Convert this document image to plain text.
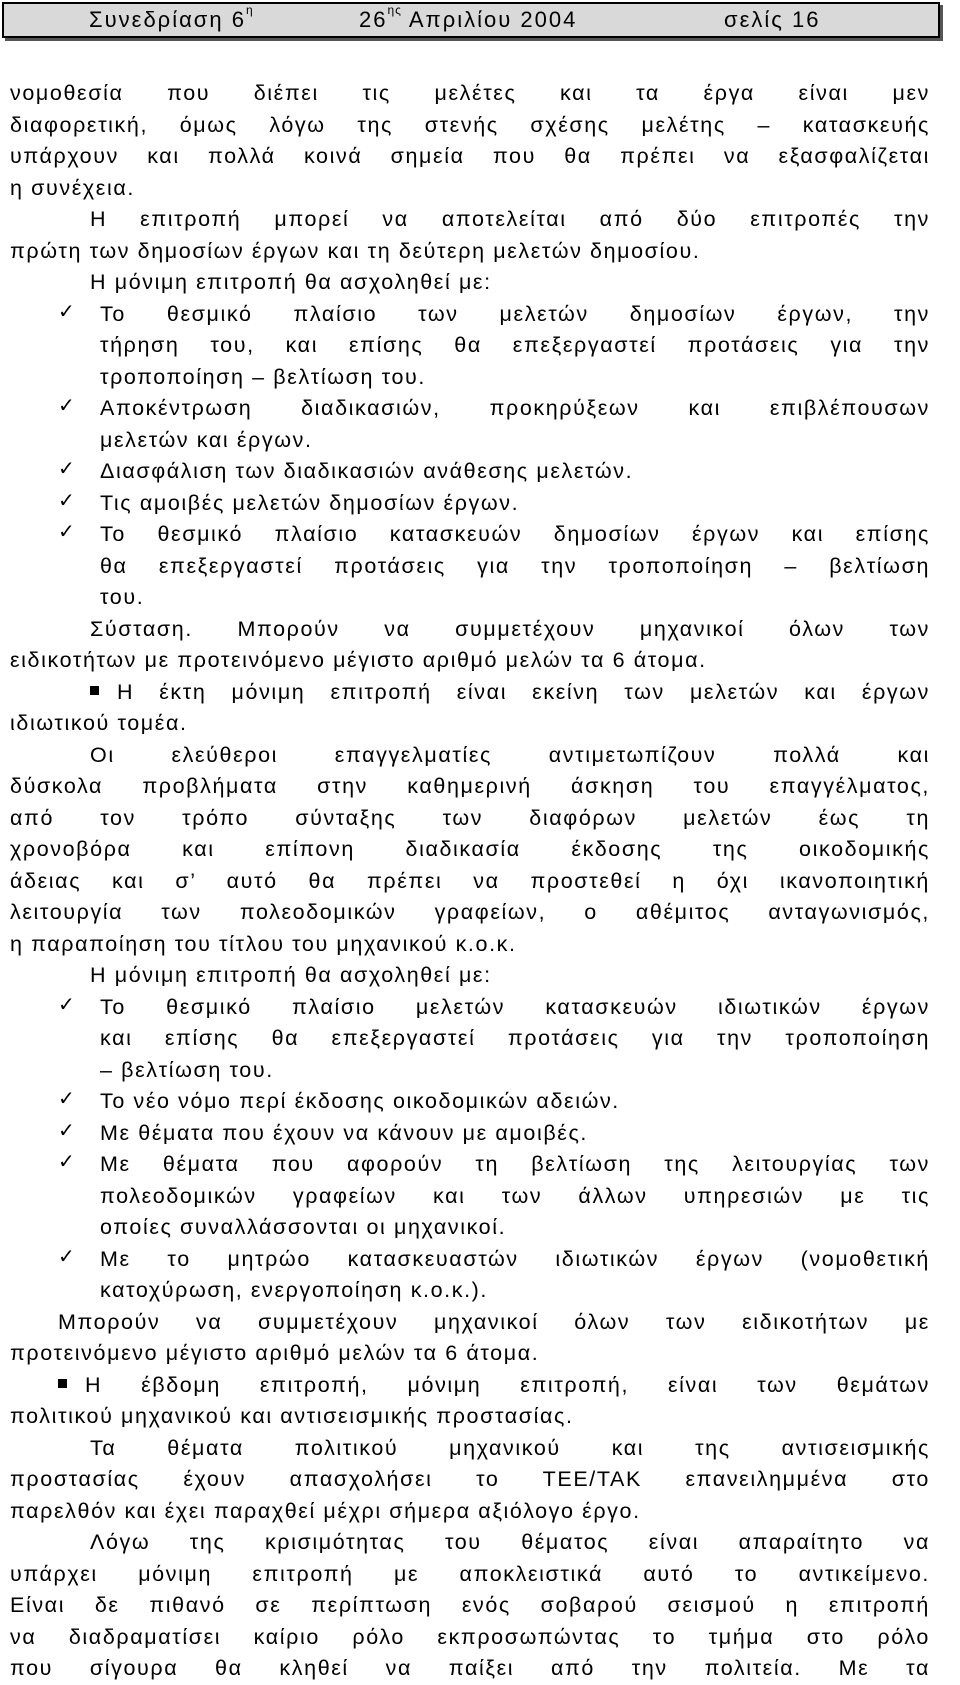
Συνεδρίαση $6^\eta$	$26^{\eta\varsigma}$ Απριλίου 2004	σελίς 16
νομοθεσία που διέπει τις μελέτες και τα έργα είναι μεν
διαφορετική, όμως λόγω της στενής σχέσης μελέτης – κατασκευής
υπάρχουν και πολλά κοινά σημεία που θα πρέπει να εξασφαλίζεται
η συνέχεια.
Η επιτροπή μπορεί να αποτελείται από δύο επιτροπές την
πρώτη των δημοσίων έργων και τη δεύτερη μελετών δημοσίου.
Η μόνιμη επιτροπή θα ασχοληθεί με:
✓	Το θεσμικό πλαίσιο των μελετών δημοσίων έργων, την
τήρηση του, και επίσης θα επεξεργαστεί προτάσεις για την
τροποποίηση – βελτίωση του.
✓	Αποκέντρωση διαδικασιών, προκηρύξεων και επιβλέπουσων
μελετών και έργων.
✓	Διασφάλιση των διαδικασιών ανάθεσης μελετών.
✓	Τις αμοιβές μελετών δημοσίων έργων.
✓	Το θεσμικό πλαίσιο κατασκευών δημοσίων έργων και επίσης
θα επεξεργαστεί προτάσεις για την τροποποίηση – βελτίωση
του.
Σύσταση. Μπορούν να συμμετέχουν μηχανικοί όλων των
ειδικοτήτων με προτεινόμενο μέγιστο αριθμό μελών τα 6 άτομα.
Η έκτη μόνιμη επιτροπή είναι εκείνη των μελετών και έργων
ιδιωτικού τομέα.
Οι ελεύθεροι επαγγελματίες αντιμετωπίζουν πολλά και
δύσκολα προβλήματα στην καθημερινή άσκηση του επαγγέλματος,
από τον τρόπο σύνταξης των διαφόρων μελετών έως τη
χρονοβόρα και επίπονη διαδικασία έκδοσης της οικοδομικής
άδειας και σ’ αυτό θα πρέπει να προστεθεί η όχι ικανοποιητική
λειτουργία των πολεοδομικών γραφείων, ο αθέμιτος ανταγωνισμός,
η παραποίηση του τίτλου του μηχανικού κ.ο.κ.
Η μόνιμη επιτροπή θα ασχοληθεί με:
✓	Το θεσμικό πλαίσιο μελετών κατασκευών ιδιωτικών έργων
και επίσης θα επεξεργαστεί προτάσεις για την τροποποίηση
– βελτίωση του.
✓	Το νέο νόμο περί έκδοσης οικοδομικών αδειών.
✓	Με θέματα που έχουν να κάνουν με αμοιβές.
✓	Με θέματα που αφορούν τη βελτίωση της λειτουργίας των
πολεοδομικών γραφείων και των άλλων υπηρεσιών με τις
οποίες συναλλάσσονται οι μηχανικοί.
✓	Με το μητρώο κατασκευαστών ιδιωτικών έργων (νομοθετική
κατοχύρωση, ενεργοποίηση κ.ο.κ.).
Μπορούν να συμμετέχουν μηχανικοί όλων των ειδικοτήτων με
προτεινόμενο μέγιστο αριθμό μελών τα 6 άτομα.
Η έβδομη επιτροπή, μόνιμη επιτροπή, είναι των θεμάτων
πολιτικού μηχανικού και αντισεισμικής προστασίας.
Τα θέματα πολιτικού μηχανικού και της αντισεισμικής
προστασίας έχουν απασχολήσει το ΤΕΕ/ΤΑΚ επανειλημμένα στο
παρελθόν και έχει παραχθεί μέχρι σήμερα αξιόλογο έργο.
Λόγω της κρισιμότητας του θέματος είναι απαραίτητο να
υπάρχει μόνιμη επιτροπή με αποκλειστικά αυτό το αντικείμενο.
Είναι δε πιθανό σε περίπτωση ενός σοβαρού σεισμού η επιτροπή
να διαδραματίσει καίριο ρόλο εκπροσωπώντας το τμήμα στο ρόλο
που σίγουρα θα κληθεί να παίξει από την πολιτεία. Με τα
